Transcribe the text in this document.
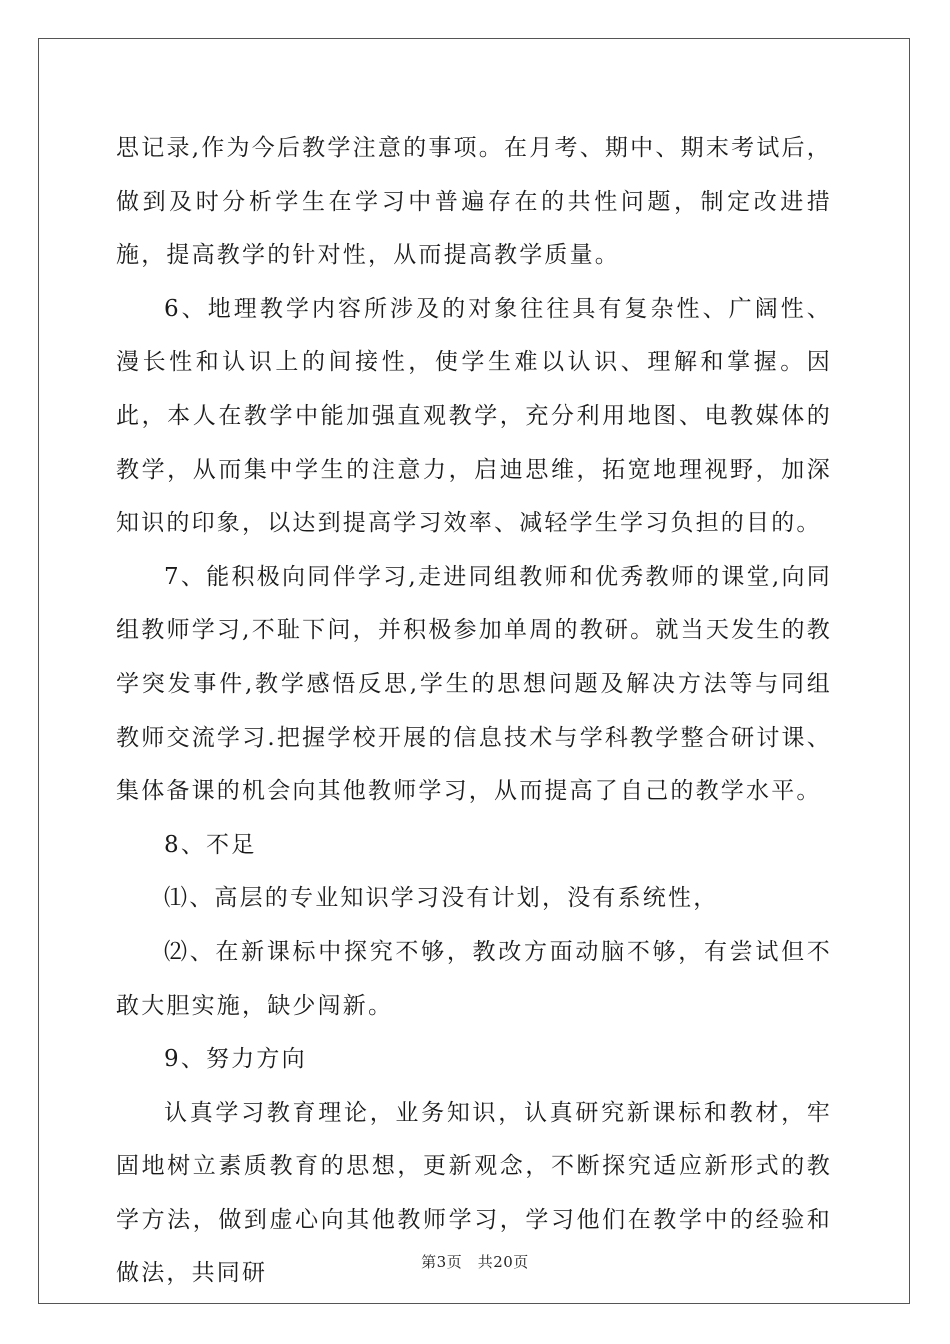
思记录,作为今后教学注意的事项。在月考、期中、期末考试后，做到及时分析学生在学习中普遍存在的共性问题，制定改进措施，提高教学的针对性，从而提高教学质量。

6、地理教学内容所涉及的对象往往具有复杂性、广阔性、漫长性和认识上的间接性，使学生难以认识、理解和掌握。因此，本人在教学中能加强直观教学，充分利用地图、电教媒体的教学，从而集中学生的注意力，启迪思维，拓宽地理视野，加深知识的印象，以达到提高学习效率、减轻学生学习负担的目的。

7、能积极向同伴学习,走进同组教师和优秀教师的课堂,向同组教师学习,不耻下问，并积极参加单周的教研。就当天发生的教学突发事件,教学感悟反思,学生的思想问题及解决方法等与同组教师交流学习.把握学校开展的信息技术与学科教学整合研讨课、集体备课的机会向其他教师学习，从而提高了自己的教学水平。

8、不足

⑴、高层的专业知识学习没有计划，没有系统性，

⑵、在新课标中探究不够，教改方面动脑不够，有尝试但不敢大胆实施，缺少闯新。

9、努力方向

认真学习教育理论，业务知识，认真研究新课标和教材，牢固地树立素质教育的思想，更新观念，不断探究适应新形式的教学方法，做到虚心向其他教师学习，学习他们在教学中的经验和做法，共同研	第3页　共20页
